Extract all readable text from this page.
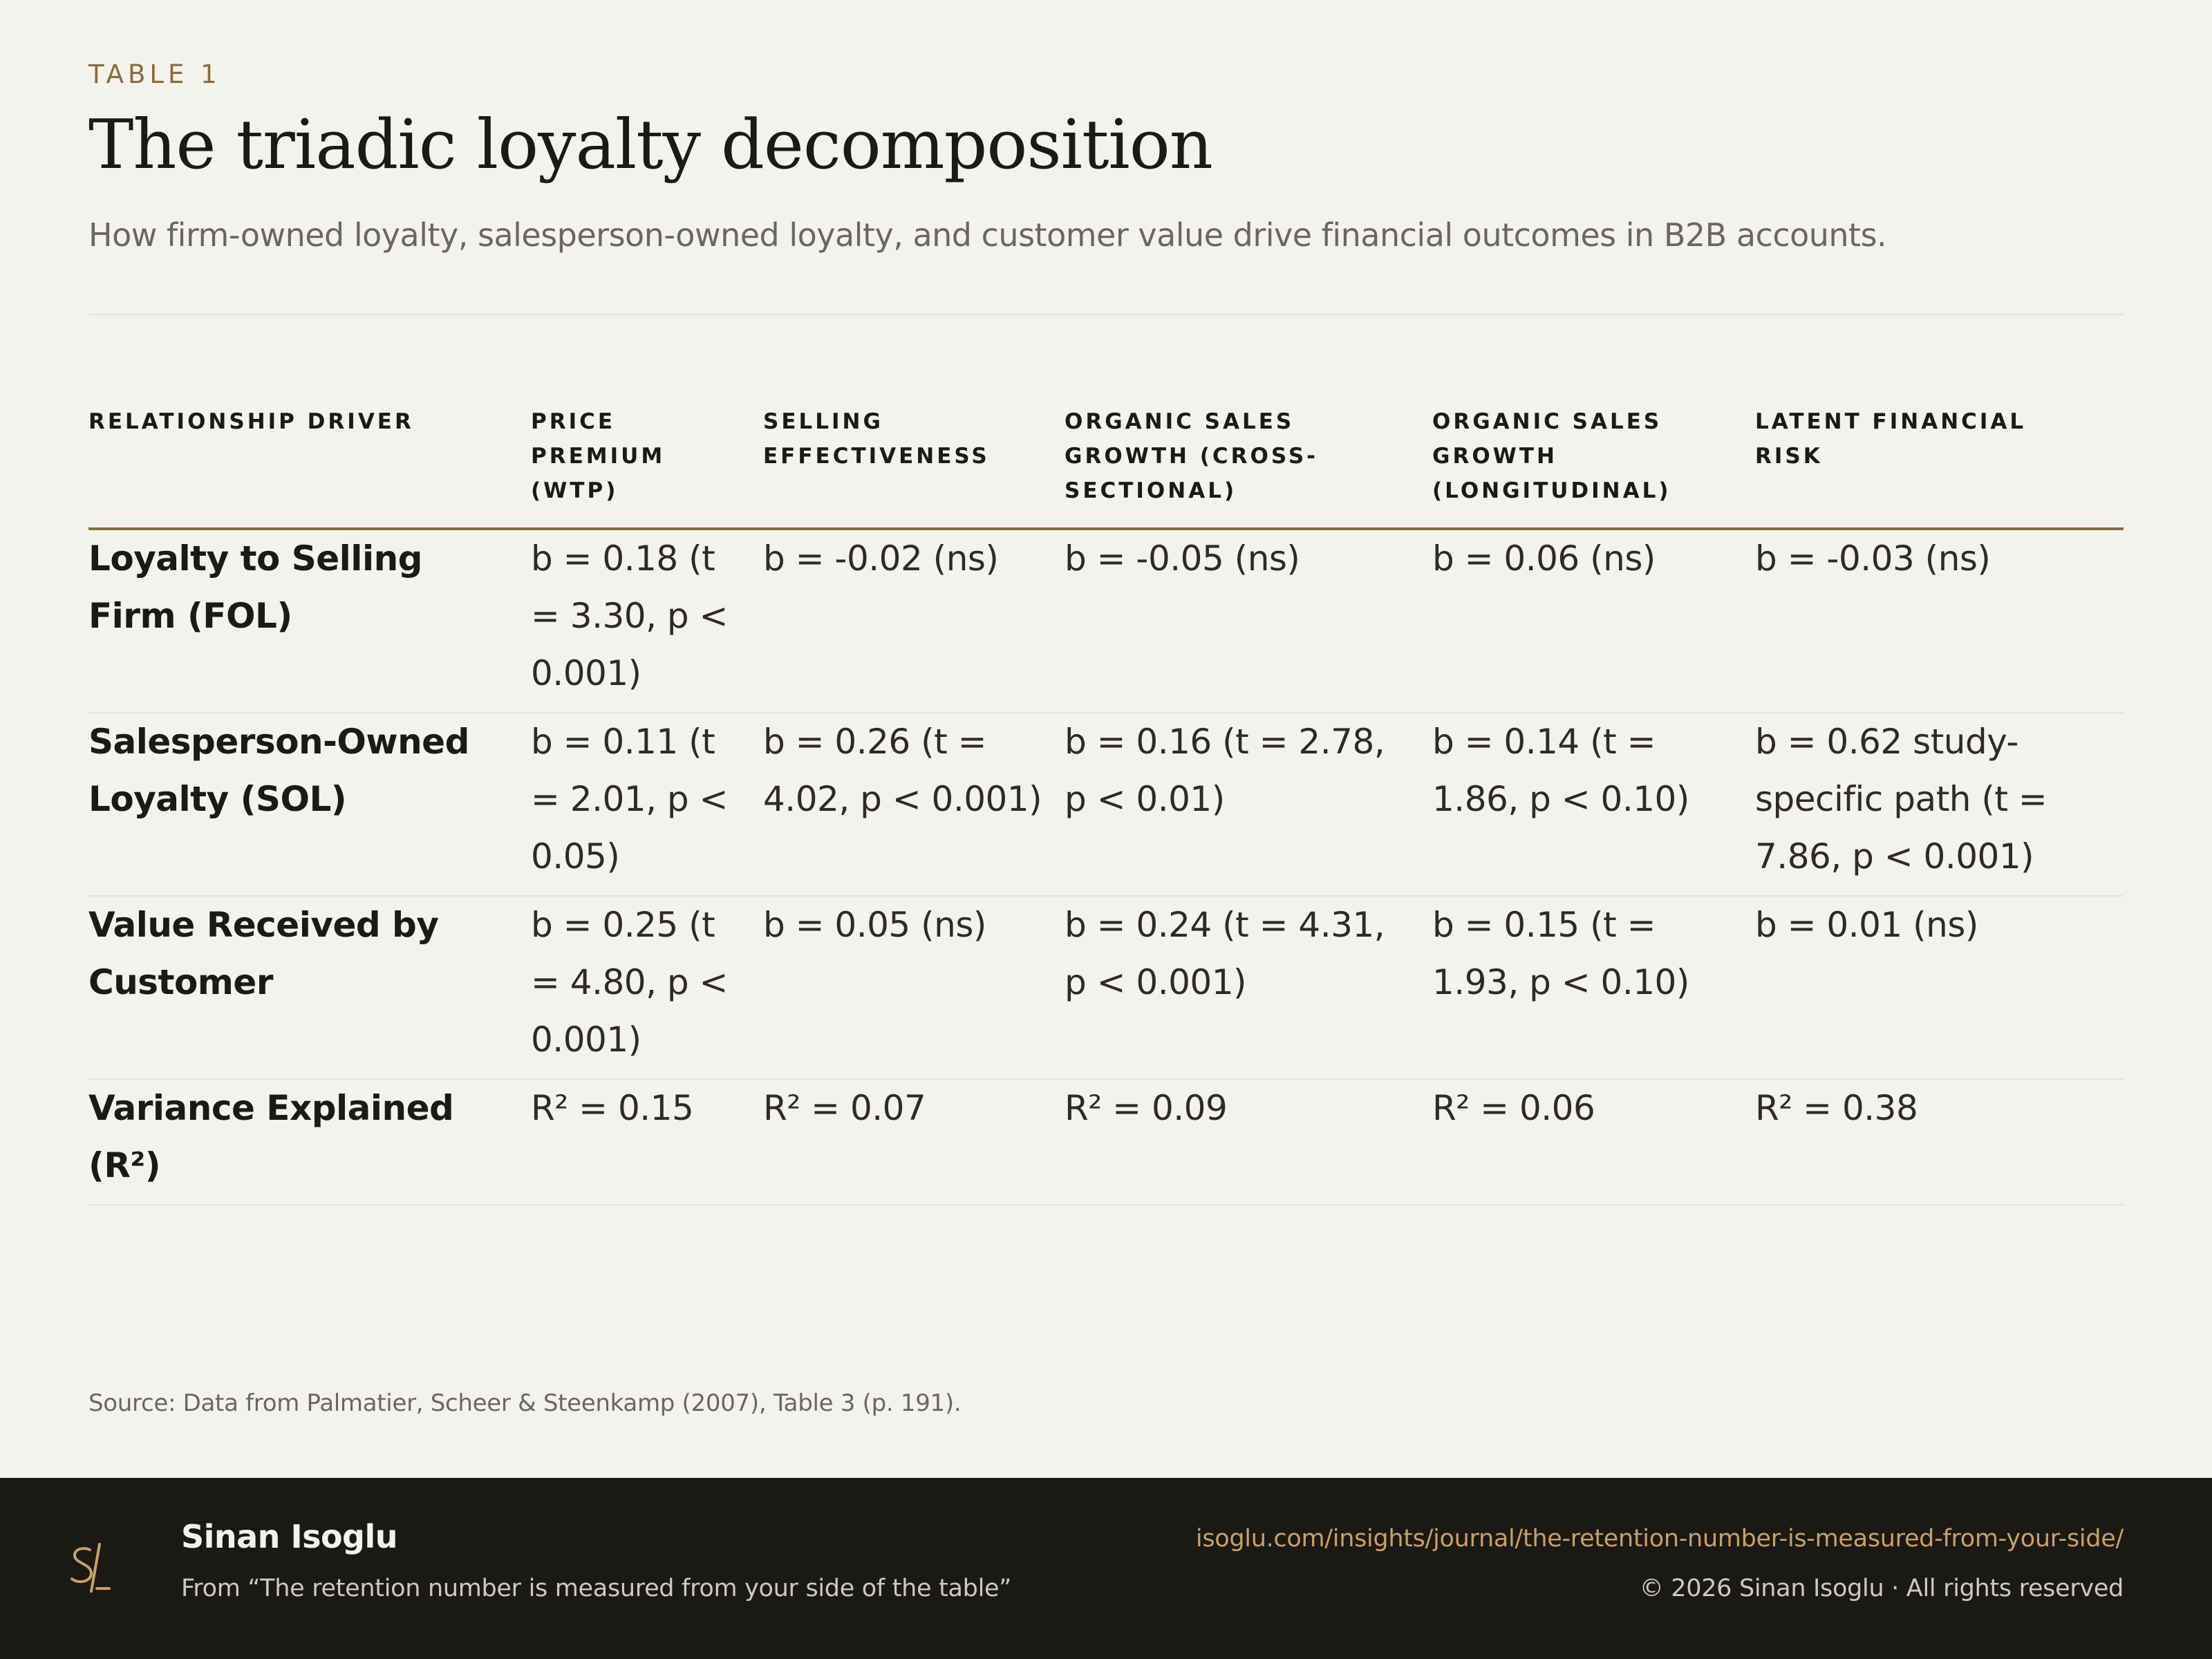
TABLE 1
The triadic loyalty decomposition

How firm-owned loyalty, salesperson-owned loyalty, and customer value drive financial outcomes in B2B accounts.

RELATIONSHIP DRIVER	PRICE PREMIUM (WTP)	SELLING EFFECTIVENESS	ORGANIC SALES GROWTH (CROSS-SECTIONAL)	ORGANIC SALES GROWTH (LONGITUDINAL)	LATENT FINANCIAL RISK
Loyalty to Selling Firm (FOL)	b = 0.18 (t = 3.30, p < 0.001)	b = -0.02 (ns)	b = -0.05 (ns)	b = 0.06 (ns)	b = -0.03 (ns)
Salesperson-Owned Loyalty (SOL)	b = 0.11 (t = 2.01, p < 0.05)	b = 0.26 (t = 4.02, p < 0.001)	b = 0.16 (t = 2.78, p < 0.01)	b = 0.14 (t = 1.86, p < 0.10)	b = 0.62 study-specific path (t = 7.86, p < 0.001)
Value Received by Customer	b = 0.25 (t = 4.80, p < 0.001)	b = 0.05 (ns)	b = 0.24 (t = 4.31, p < 0.001)	b = 0.15 (t = 1.93, p < 0.10)	b = 0.01 (ns)
Variance Explained (R²)	R² = 0.15	R² = 0.07	R² = 0.09	R² = 0.06	R² = 0.38

Source: Data from Palmatier, Scheer & Steenkamp (2007), Table 3 (p. 191).

Sinan Isoglu
From “The retention number is measured from your side of the table”
isoglu.com/insights/journal/the-retention-number-is-measured-from-your-side/
© 2026 Sinan Isoglu · All rights reserved
